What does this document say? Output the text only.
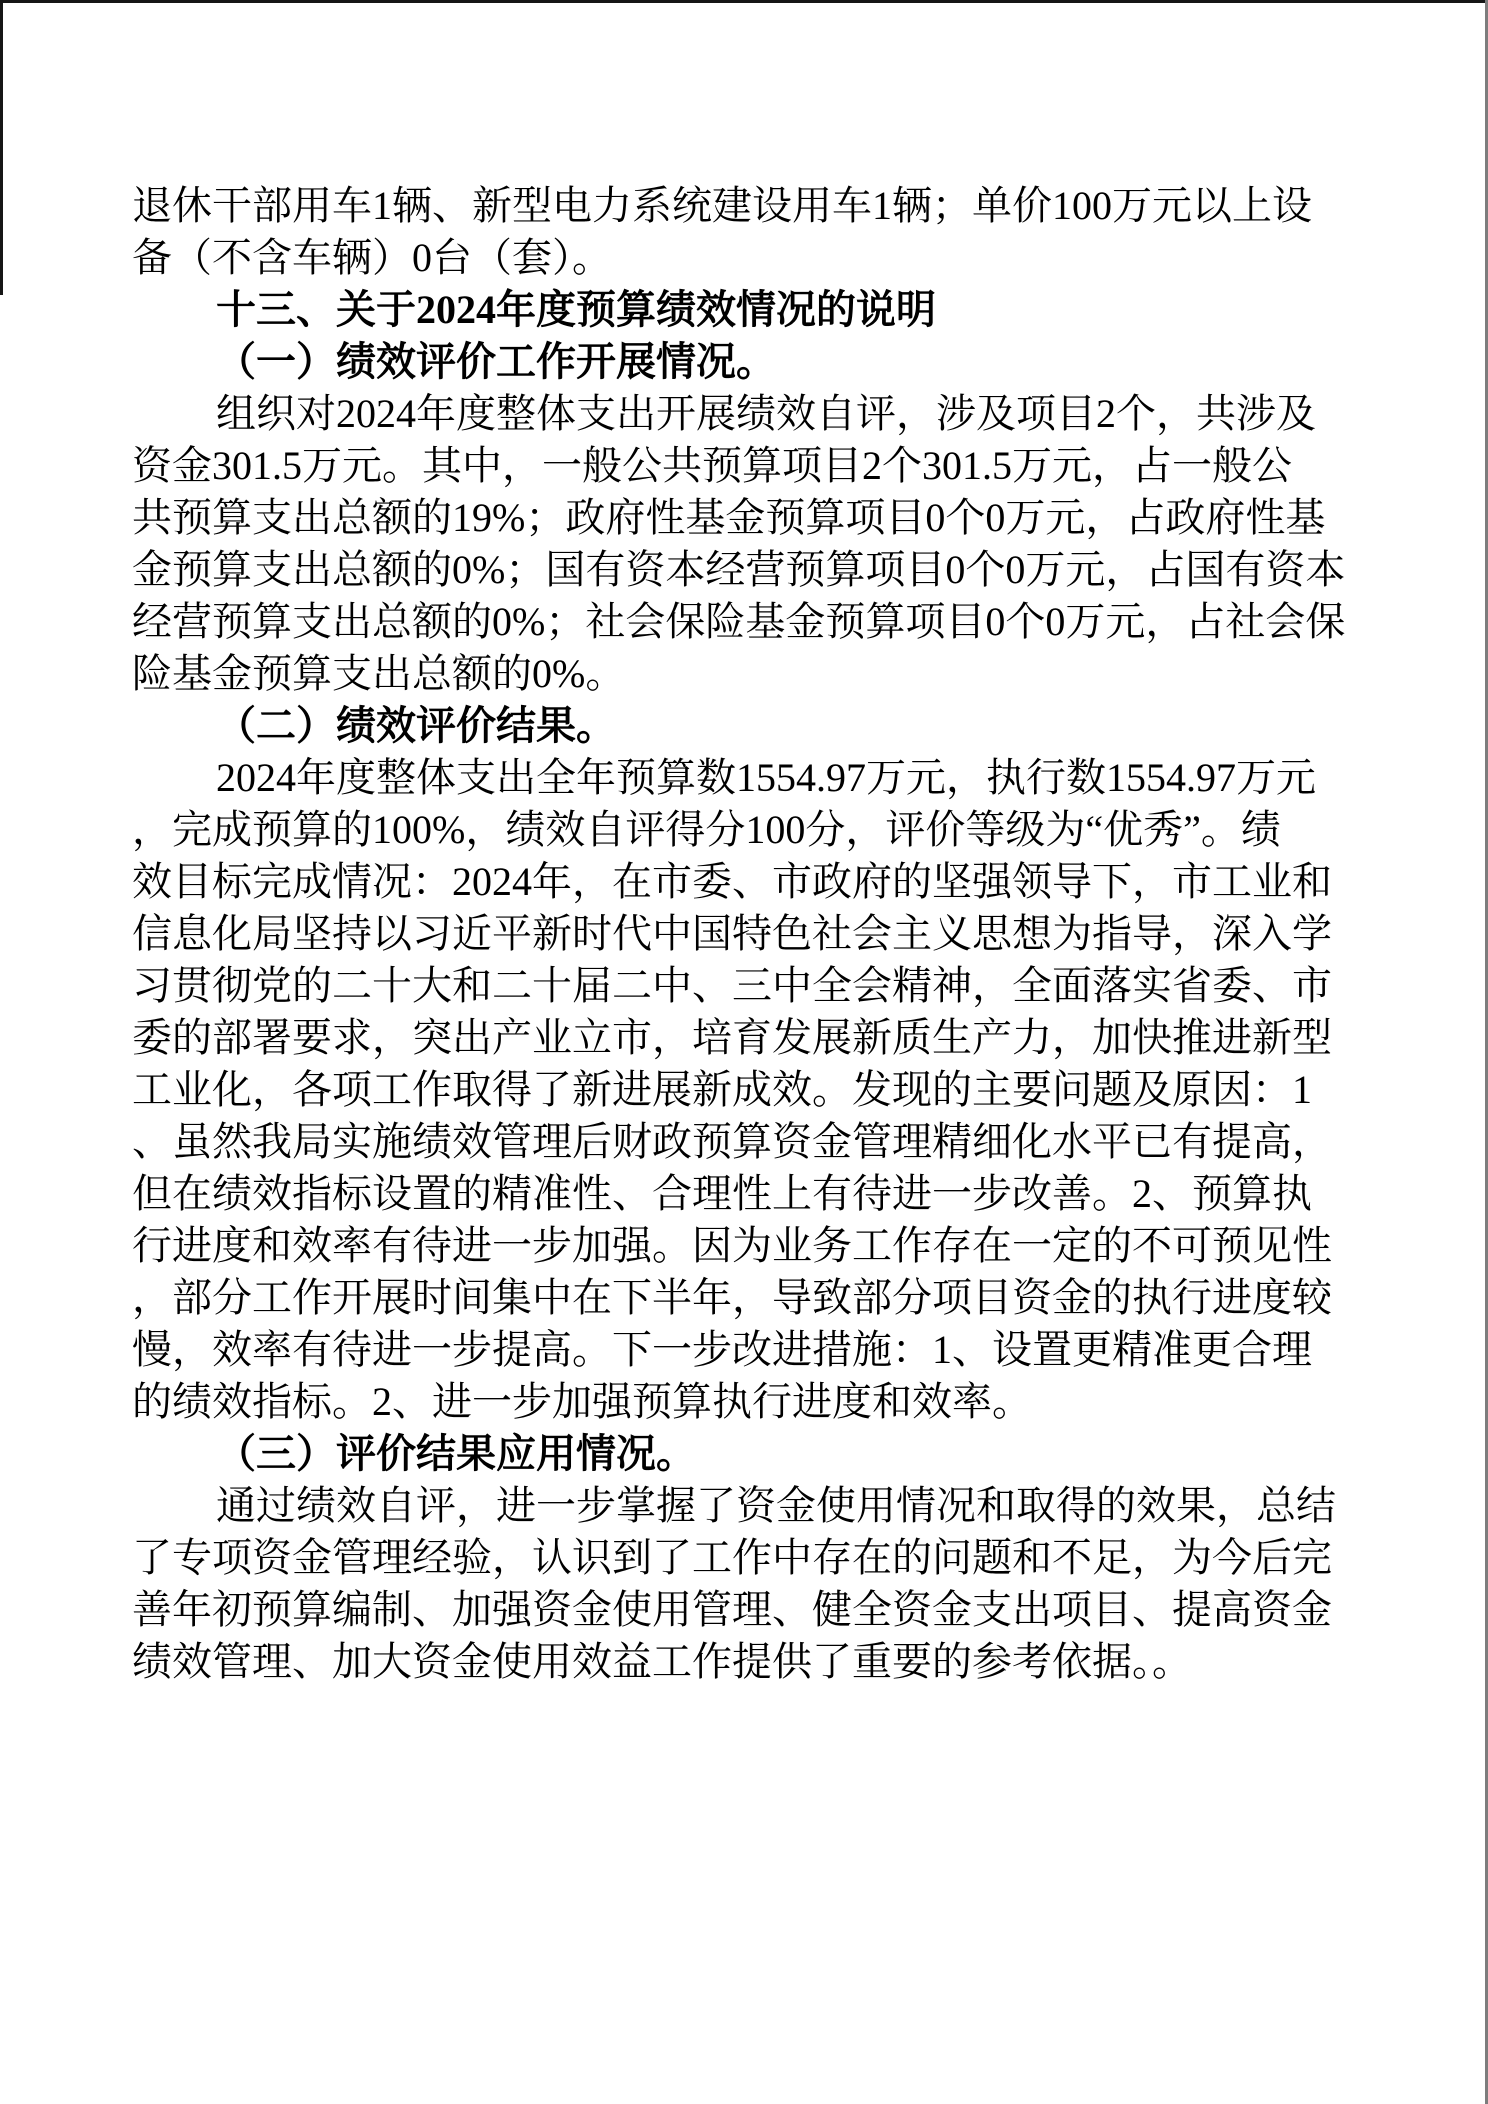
退休干部用车1辆、新型电力系统建设用车1辆；单价100万元以上设
备（不含车辆）0台（套）。
十三、关于2024年度预算绩效情况的说明
（一）绩效评价工作开展情况。
组织对2024年度整体支出开展绩效自评，涉及项目2个，共涉及
资金301.5万元。其中，一般公共预算项目2个301.5万元，占一般公
共预算支出总额的19%；政府性基金预算项目0个0万元，占政府性基
金预算支出总额的0%；国有资本经营预算项目0个0万元，占国有资本
经营预算支出总额的0%；社会保险基金预算项目0个0万元，占社会保
险基金预算支出总额的0%。
（二）绩效评价结果。
2024年度整体支出全年预算数1554.97万元，执行数1554.97万元
，完成预算的100%，绩效自评得分100分，评价等级为“优秀”。绩
效目标完成情况：2024年，在市委、市政府的坚强领导下，市工业和
信息化局坚持以习近平新时代中国特色社会主义思想为指导，深入学
习贯彻党的二十大和二十届二中、三中全会精神，全面落实省委、市
委的部署要求，突出产业立市，培育发展新质生产力，加快推进新型
工业化，各项工作取得了新进展新成效。发现的主要问题及原因：1
、虽然我局实施绩效管理后财政预算资金管理精细化水平已有提高，
但在绩效指标设置的精准性、合理性上有待进一步改善。2、预算执
行进度和效率有待进一步加强。因为业务工作存在一定的不可预见性
，部分工作开展时间集中在下半年，导致部分项目资金的执行进度较
慢，效率有待进一步提高。下一步改进措施：1、设置更精准更合理
的绩效指标。2、进一步加强预算执行进度和效率。
（三）评价结果应用情况。
通过绩效自评，进一步掌握了资金使用情况和取得的效果，总结
了专项资金管理经验，认识到了工作中存在的问题和不足，为今后完
善年初预算编制、加强资金使用管理、健全资金支出项目、提高资金
绩效管理、加大资金使用效益工作提供了重要的参考依据。。
